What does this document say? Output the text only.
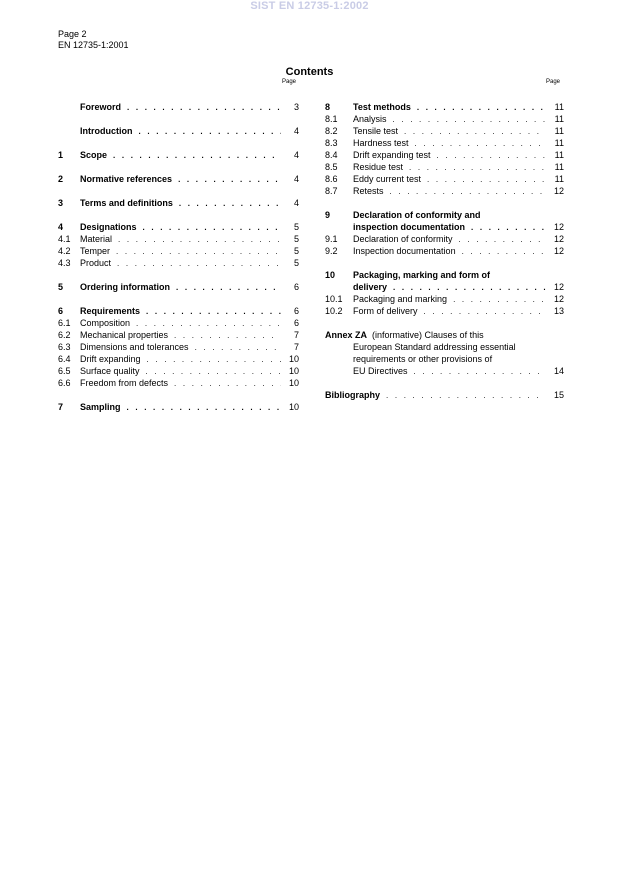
SIST EN 12735-1:2002
Page 2
EN 12735-1:2001
Contents
Page	Page
Foreword . . .	3
Introduction . . .	4
1	Scope . . .	4
2	Normative references . . .	4
3	Terms and definitions . . .	4
4	Designations . . .	5
4.1	Material . . .	5
4.2	Temper . . .	5
4.3	Product . . .	5
5	Ordering information . . .	6
6	Requirements . . .	6
6.1	Composition . . .	6
6.2	Mechanical properties . . .	7
6.3	Dimensions and tolerances . . .	7
6.4	Drift expanding . . .	10
6.5	Surface quality . . .	10
6.6	Freedom from defects . . .	10
7	Sampling . . .	10
8	Test methods . . .	11
8.1	Analysis . . .	11
8.2	Tensile test . . .	11
8.3	Hardness test . . .	11
8.4	Drift expanding test . . .	11
8.5	Residue test . . .	11
8.6	Eddy current test . . .	11
8.7	Retests . . .	12
9	Declaration of conformity and
inspection documentation . . .	12
9.1	Declaration of conformity . . .	12
9.2	Inspection documentation . . .	12
10	Packaging, marking and form of
delivery . . .	12
10.1	Packaging and marking . . .	12
10.2	Form of delivery . . .	13
Annex ZA (informative) Clauses of this
European Standard addressing essential
requirements or other provisions of
EU Directives . . .	14
Bibliography . . .	15
